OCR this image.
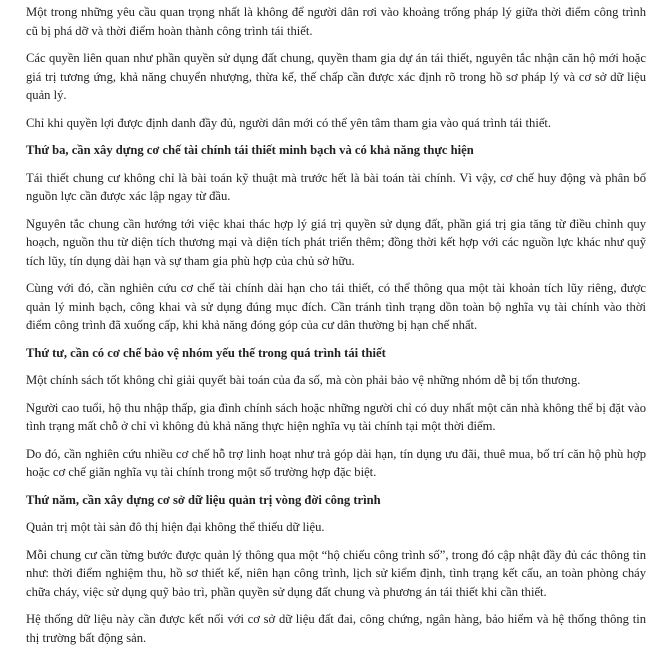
Một trong những yêu cầu quan trọng nhất là không để người dân rơi vào khoảng trống pháp lý giữa thời điểm công trình cũ bị phá dỡ và thời điểm hoàn thành công trình tái thiết.

Các quyền liên quan như phần quyền sử dụng đất chung, quyền tham gia dự án tái thiết, nguyên tắc nhận căn hộ mới hoặc giá trị tương ứng, khả năng chuyển nhượng, thừa kế, thế chấp cần được xác định rõ trong hồ sơ pháp lý và cơ sở dữ liệu quản lý.

Chỉ khi quyền lợi được định danh đầy đủ, người dân mới có thể yên tâm tham gia vào quá trình tái thiết.

Thứ ba, cần xây dựng cơ chế tài chính tái thiết minh bạch và có khả năng thực hiện

Tái thiết chung cư không chỉ là bài toán kỹ thuật mà trước hết là bài toán tài chính. Vì vậy, cơ chế huy động và phân bổ nguồn lực cần được xác lập ngay từ đầu.

Nguyên tắc chung cần hướng tới việc khai thác hợp lý giá trị quyền sử dụng đất, phần giá trị gia tăng từ điều chỉnh quy hoạch, nguồn thu từ diện tích thương mại và diện tích phát triển thêm; đồng thời kết hợp với các nguồn lực khác như quỹ tích lũy, tín dụng dài hạn và sự tham gia phù hợp của chủ sở hữu.

Cùng với đó, cần nghiên cứu cơ chế tài chính dài hạn cho tái thiết, có thể thông qua một tài khoản tích lũy riêng, được quản lý minh bạch, công khai và sử dụng đúng mục đích. Cần tránh tình trạng dồn toàn bộ nghĩa vụ tài chính vào thời điểm công trình đã xuống cấp, khi khả năng đóng góp của cư dân thường bị hạn chế nhất.

Thứ tư, cần có cơ chế bảo vệ nhóm yếu thế trong quá trình tái thiết

Một chính sách tốt không chỉ giải quyết bài toán của đa số, mà còn phải bảo vệ những nhóm dễ bị tổn thương.

Người cao tuổi, hộ thu nhập thấp, gia đình chính sách hoặc những người chỉ có duy nhất một căn nhà không thể bị đặt vào tình trạng mất chỗ ở chỉ vì không đủ khả năng thực hiện nghĩa vụ tài chính tại một thời điểm.

Do đó, cần nghiên cứu nhiều cơ chế hỗ trợ linh hoạt như trả góp dài hạn, tín dụng ưu đãi, thuê mua, bố trí căn hộ phù hợp hoặc cơ chế giãn nghĩa vụ tài chính trong một số trường hợp đặc biệt.

Thứ năm, cần xây dựng cơ sở dữ liệu quản trị vòng đời công trình

Quản trị một tài sản đô thị hiện đại không thể thiếu dữ liệu.

Mỗi chung cư cần từng bước được quản lý thông qua một “hộ chiếu công trình số”, trong đó cập nhật đầy đủ các thông tin như: thời điểm nghiệm thu, hồ sơ thiết kế, niên hạn công trình, lịch sử kiểm định, tình trạng kết cấu, an toàn phòng cháy chữa cháy, việc sử dụng quỹ bảo trì, phần quyền sử dụng đất chung và phương án tái thiết khi cần thiết.

Hệ thống dữ liệu này cần được kết nối với cơ sở dữ liệu đất đai, công chứng, ngân hàng, bảo hiểm và hệ thống thông tin thị trường bất động sản.
